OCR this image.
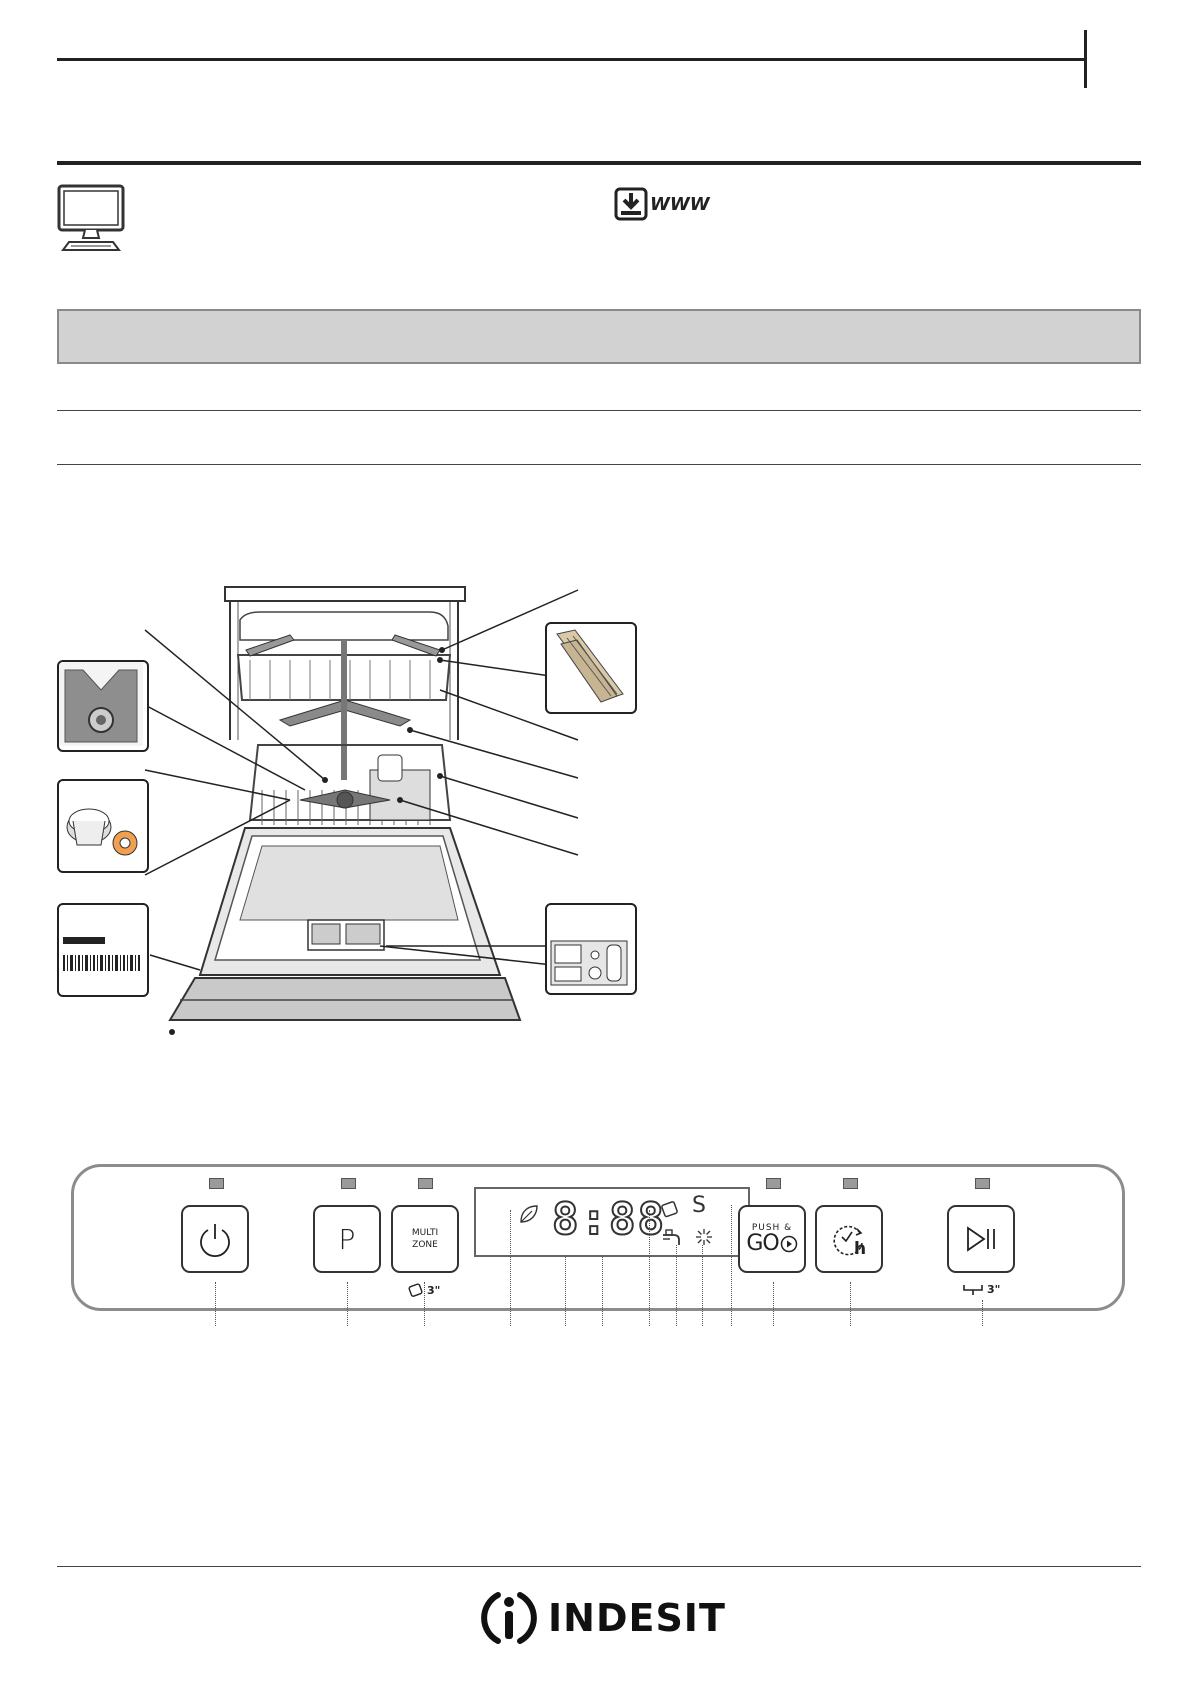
WWW
P	MULTI
ZONE
3"
8:88 S
PUSH &
GO	h
3"
INDESIT
